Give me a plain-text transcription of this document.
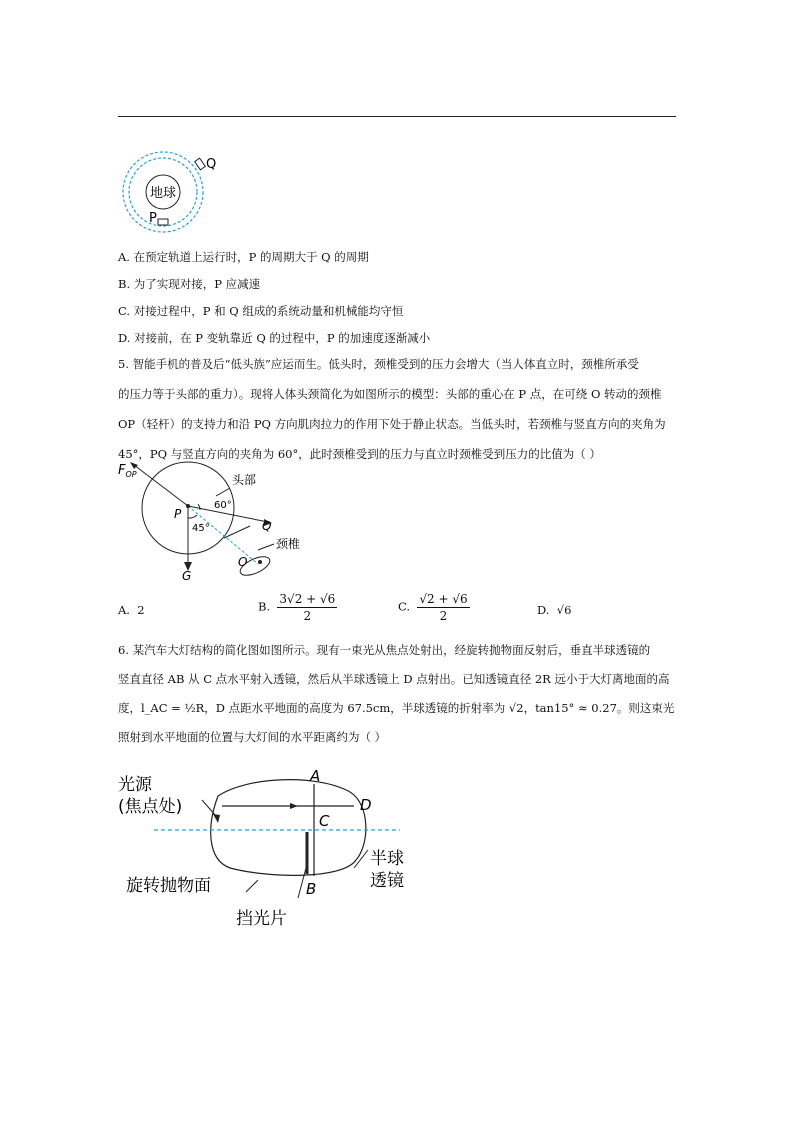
地球
Q
P
A. 在预定轨道上运行时，P 的周期大于 Q 的周期
B. 为了实现对接，P 应减速
C. 对接过程中，P 和 Q 组成的系统动量和机械能均守恒
D. 对接前，在 P 变轨靠近 Q 的过程中，P 的加速度逐渐减小

5. 智能手机的普及后“低头族”应运而生。低头时，颈椎受到的压力会增大（当人体直立时，颈椎所承受

的压力等于头部的重力）。现将人体头颈简化为如图所示的模型：头部的重心在 P 点，在可绕 O 转动的颈椎

OP（轻杆）的支持力和沿 PQ 方向肌肉拉力的作用下处于静止状态。当低头时，若颈椎与竖直方向的夹角为

45°，PQ 与竖直方向的夹角为 60°，此时颈椎受到的压力与直立时颈椎受到压力的比值为（ ）

$F_{OP}$	头部
P
60°
45°	Q
颈椎
O
G
A. 2	B. $\frac{3√2 + √6}{2}$	C. $\frac{√2 + √6}{2}$	D. √6

6. 某汽车大灯结构的简化图如图所示。现有一束光从焦点处射出，经旋转抛物面反射后，垂直半球透镜的

竖直直径 AB 从 C 点水平射入透镜，然后从半球透镜上 D 点射出。已知透镜直径 2R 远小于大灯离地面的高

度，l_AC = ½R，D 点距水平地面的高度为 67.5cm，半球透镜的折射率为 √2，tan15° ≈ 0.27。则这束光

照射到水平地面的位置与大灯间的水平距离约为（ ）

光源
(焦点处)
A
D
C
B
半球
透镜
旋转抛物面
挡光片
